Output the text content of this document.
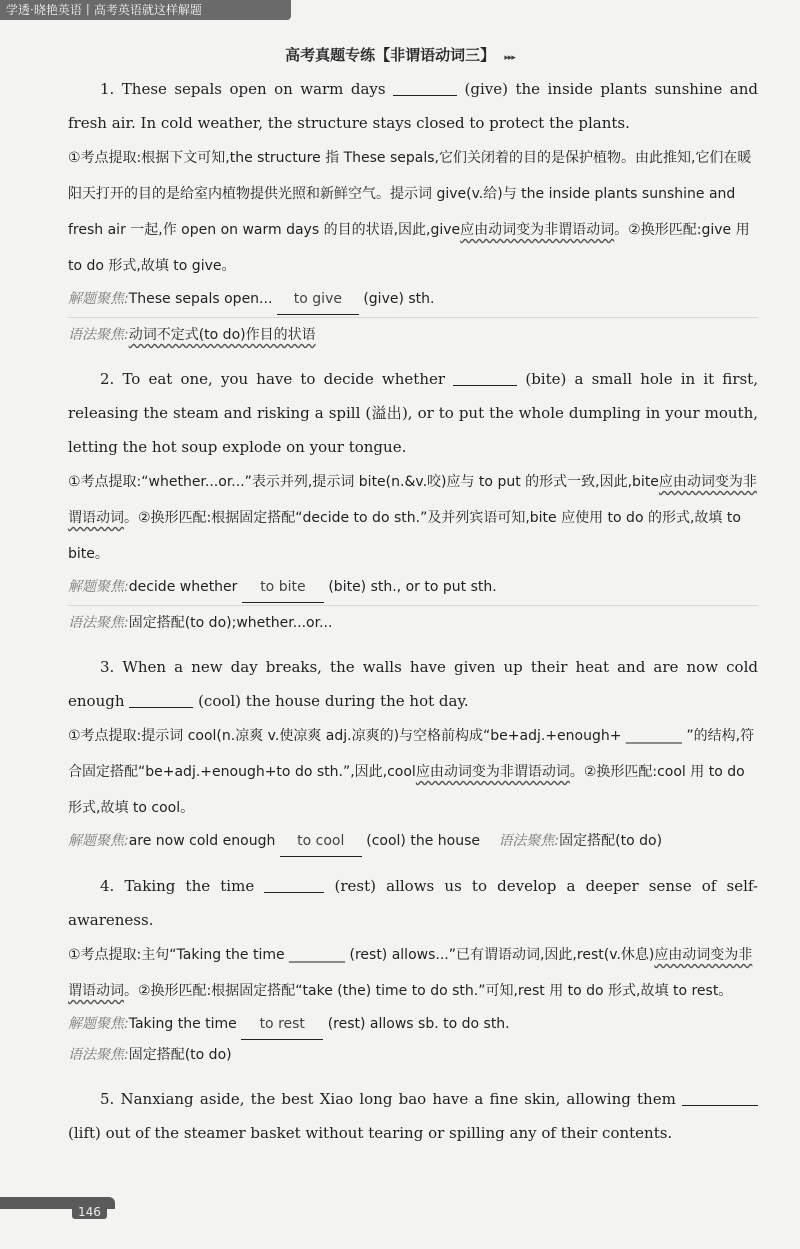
学透·晓艳英语丨高考英语就这样解题
高考真题专练【非谓语动词三】 ▸▸▸

1. These sepals open on warm days	(give) the inside plants sunshine and fresh air. In cold weather, the structure stays closed to protect the plants.

①考点提取:根据下文可知,the structure 指 These sepals,它们关闭着的目的是保护植物。由此推知,它们在暖阳天打开的目的是给室内植物提供光照和新鲜空气。提示词 give(v.给)与 the inside plants sunshine and fresh air 一起,作 open on warm days 的目的状语,因此,give应由动词变为非谓语动词。②换形匹配:give 用 to do 形式,故填 to give。

解题聚焦:These sepals open... to give (give) sth.

语法聚焦:动词不定式(to do)作目的状语

2. To eat one, you have to decide whether	(bite) a small hole in it first, releasing the steam and risking a spill (溢出), or to put the whole dumpling in your mouth, letting the hot soup explode on your tongue.

①考点提取:“whether...or...”表示并列,提示词 bite(n.&v.咬)应与 to put 的形式一致,因此,bite应由动词变为非谓语动词。②换形匹配:根据固定搭配“decide to do sth.”及并列宾语可知,bite 应使用 to do 的形式,故填 to bite。

解题聚焦:decide whether to bite (bite) sth., or to put sth.

语法聚焦:固定搭配(to do);whether...or...

3. When a new day breaks, the walls have given up their heat and are now cold enough	(cool) the house during the hot day.

①考点提取:提示词 cool(n.凉爽 v.使凉爽 adj.凉爽的)与空格前构成“be+adj.+enough+ ________ ”的结构,符合固定搭配“be+adj.+enough+to do sth.”,因此,cool应由动词变为非谓语动词。②换形匹配:cool 用 to do 形式,故填 to cool。

解题聚焦:are now cold enough to cool (cool) the house 语法聚焦:固定搭配(to do)

4. Taking the time	(rest) allows us to develop a deeper sense of self-awareness.

①考点提取:主句“Taking the time ________ (rest) allows...”已有谓语动词,因此,rest(v.休息)应由动词变为非谓语动词。②换形匹配:根据固定搭配“take (the) time to do sth.”可知,rest 用 to do 形式,故填 to rest。

解题聚焦:Taking the time to rest (rest) allows sb. to do sth.

语法聚焦:固定搭配(to do)

5. Nanxiang aside, the best Xiao long bao have a fine skin, allowing them  (lift) out of the steamer basket without tearing or spilling any of their contents.

146
